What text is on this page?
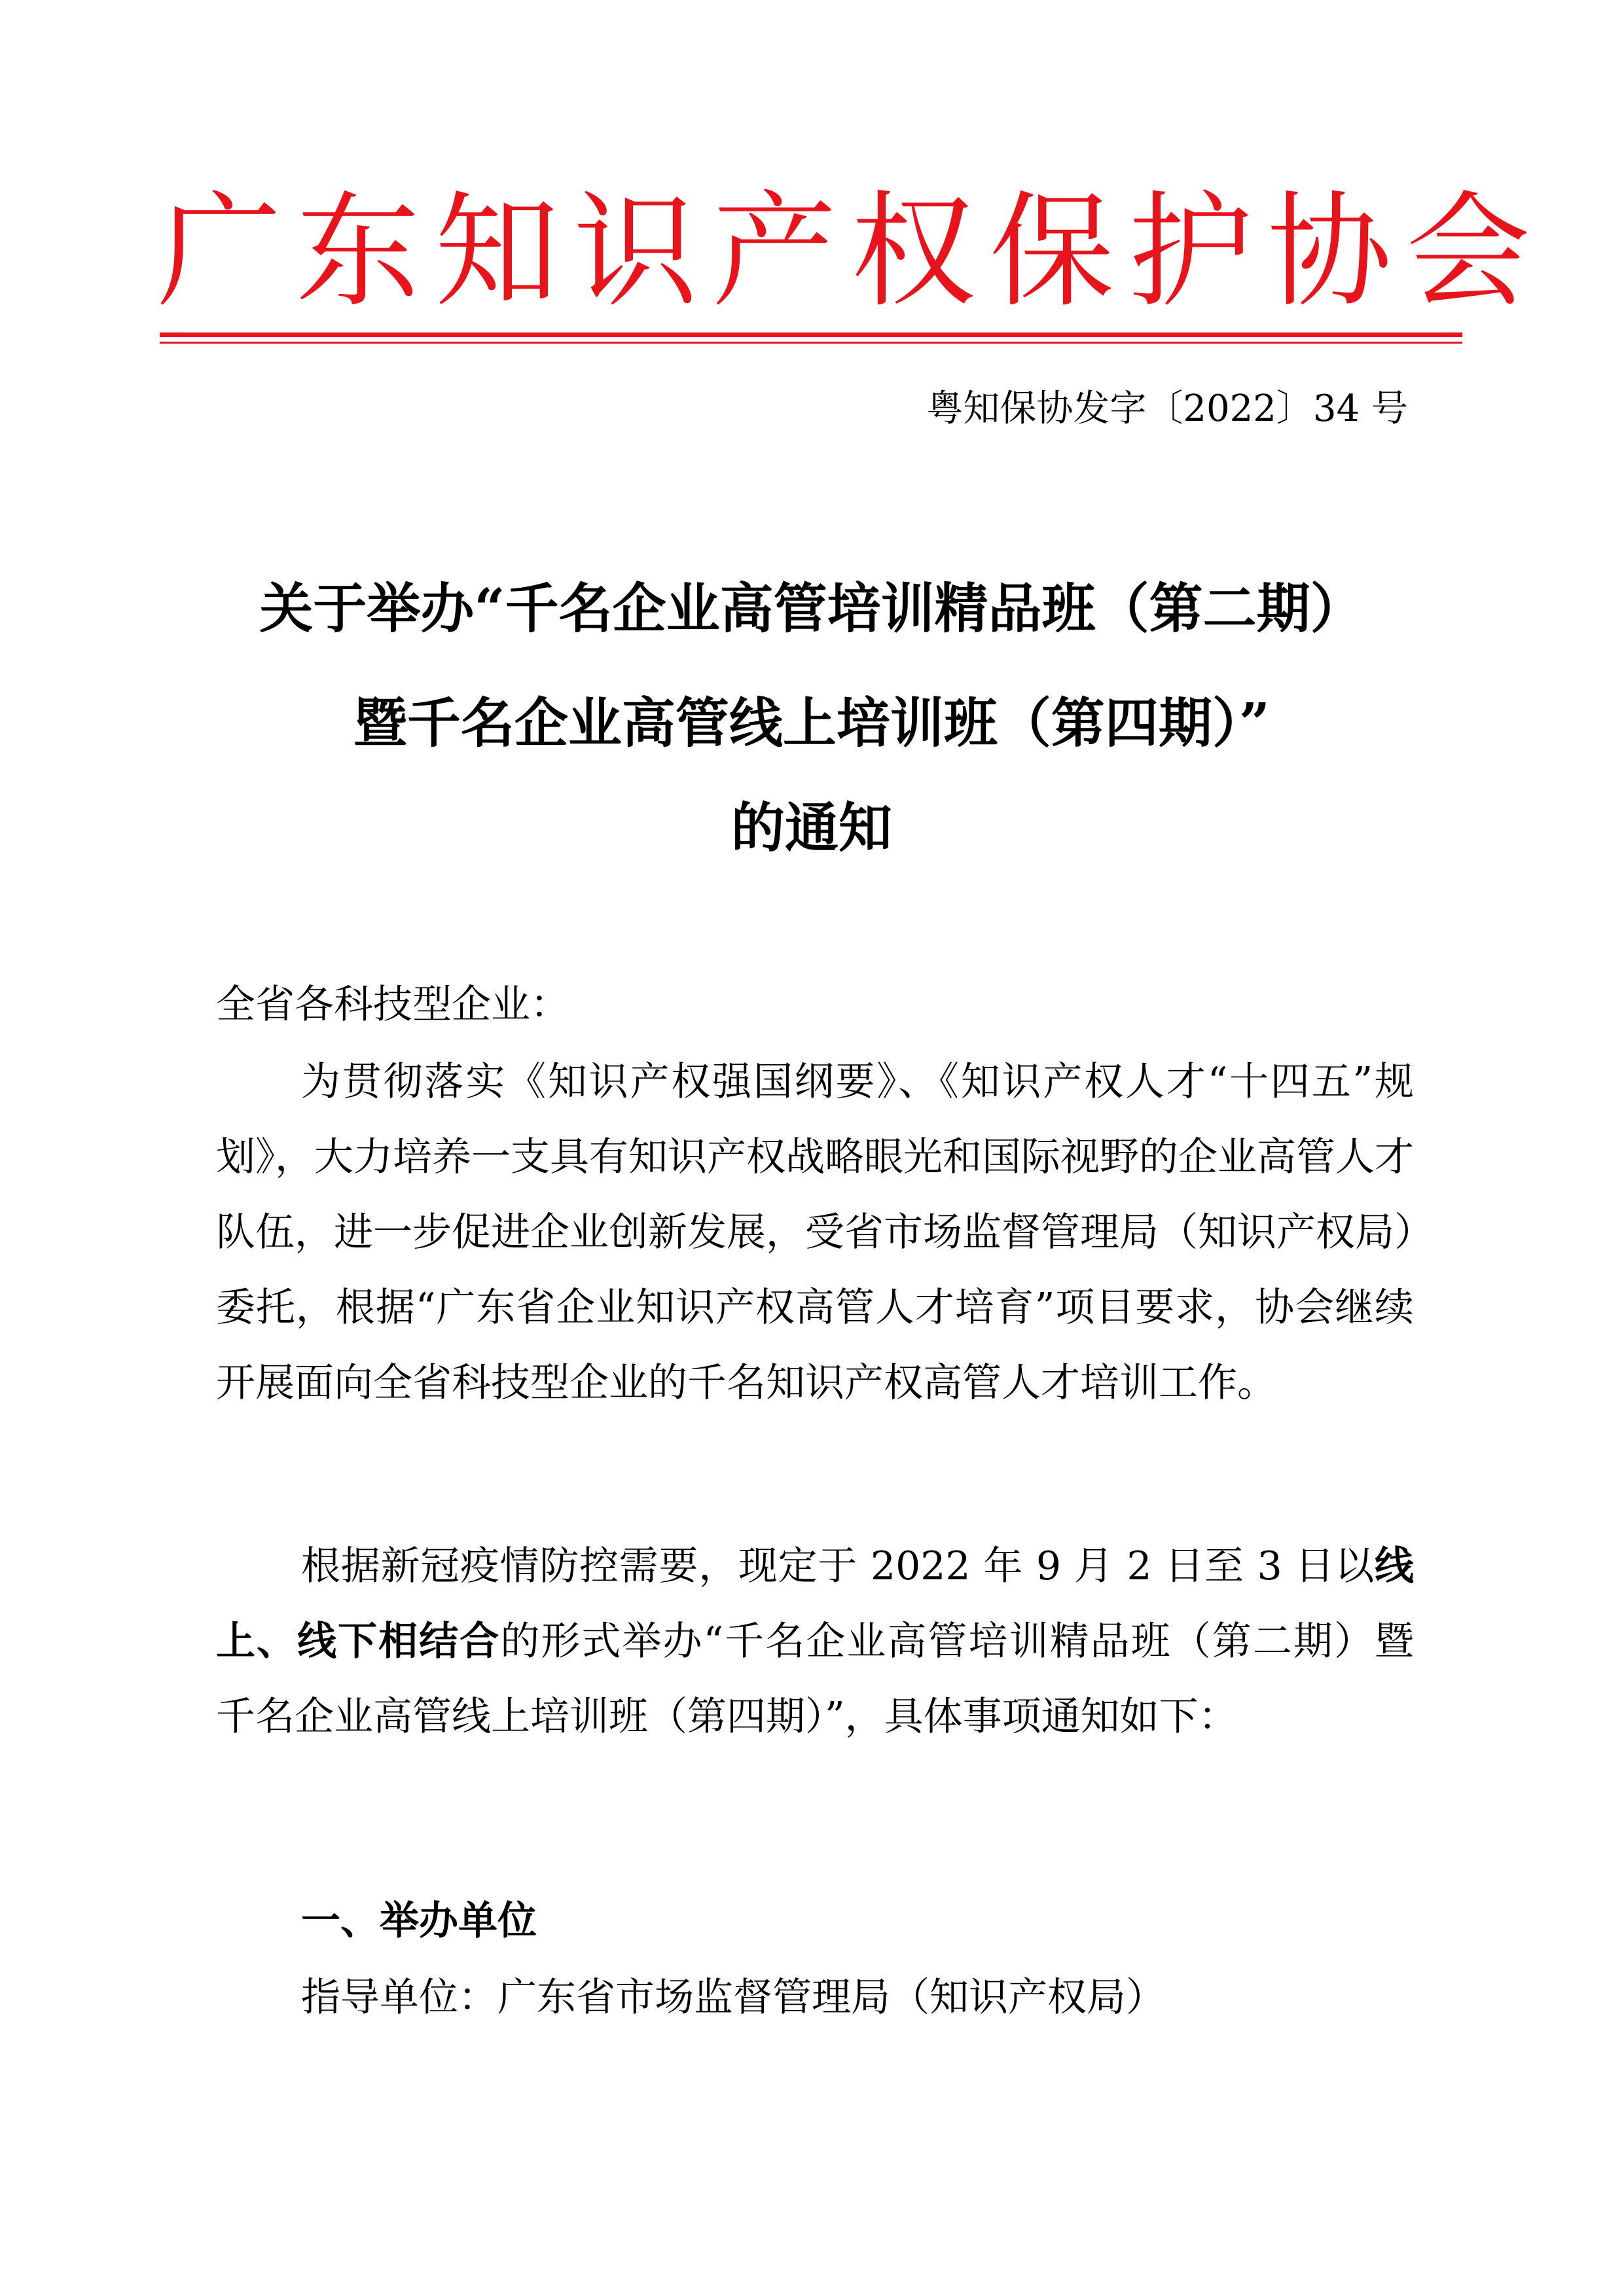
广东知识产权保护协会
粤知保协发字〔2022〕34 号
关于举办“千名企业高管培训精品班（第二期）
暨千名企业高管线上培训班（第四期）”
的通知
全省各科技型企业：
为贯彻落实《知识产权强国纲要》、《知识产权人才“十四五”规划》，大力培养一支具有知识产权战略眼光和国际视野的企业高管人才队伍，进一步促进企业创新发展，受省市场监督管理局（知识产权局）委托，根据“广东省企业知识产权高管人才培育”项目要求，协会继续开展面向全省科技型企业的千名知识产权高管人才培训工作。
根据新冠疫情防控需要，现定于 2022 年 9 月 2 日至 3 日以线上、线下相结合的形式举办“千名企业高管培训精品班（第二期）暨千名企业高管线上培训班（第四期）”，具体事项通知如下：
一、举办单位
指导单位：广东省市场监督管理局（知识产权局）
